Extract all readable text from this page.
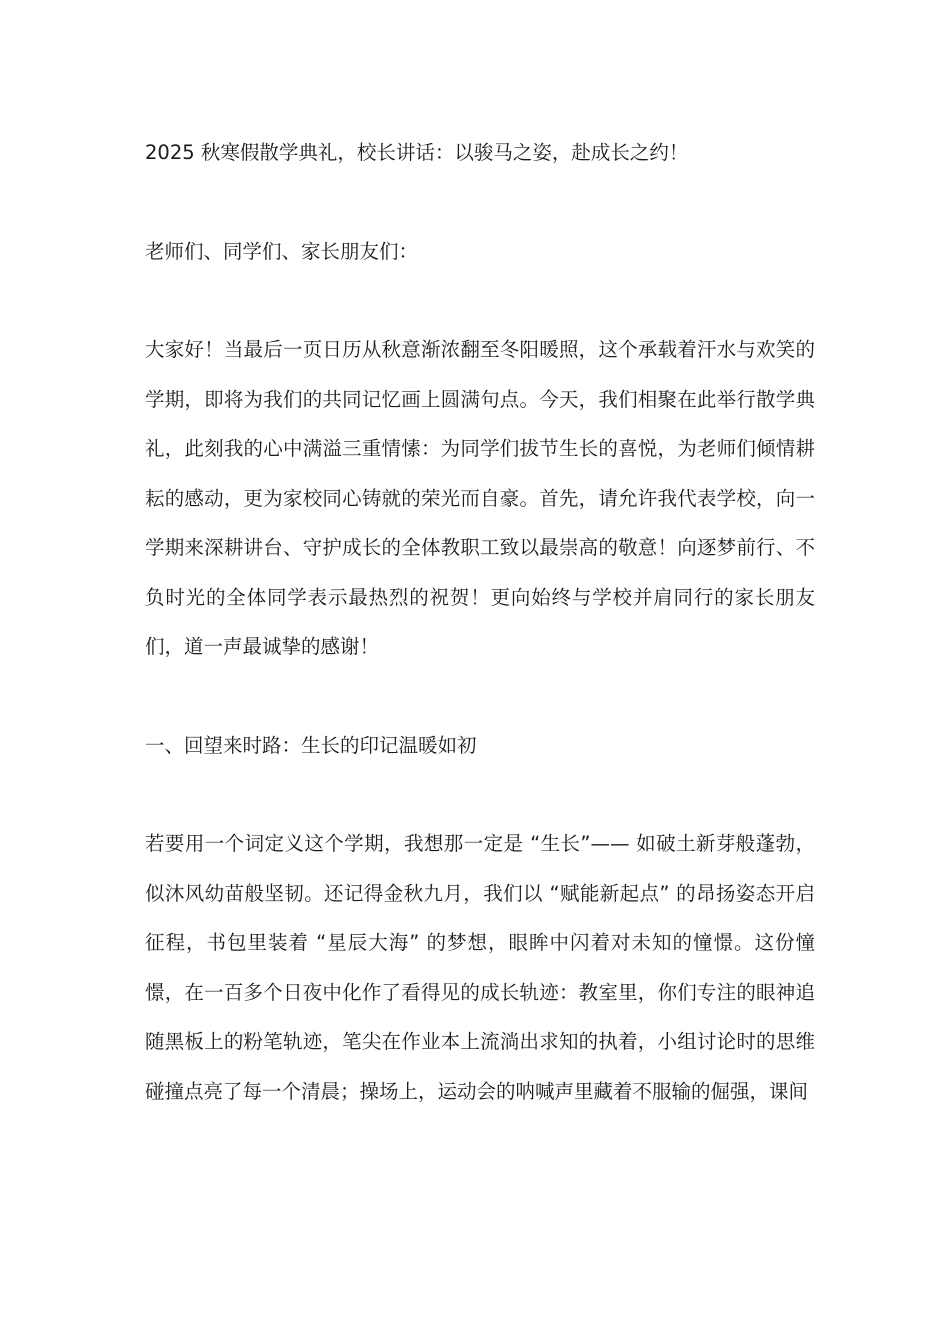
2025 秋寒假散学典礼，校长讲话：以骏马之姿，赴成长之约！

老师们、同学们、家长朋友们：

大家好！当最后一页日历从秋意渐浓翻至冬阳暖照，这个承载着汗水与欢笑的学期，即将为我们的共同记忆画上圆满句点。今天，我们相聚在此举行散学典礼，此刻我的心中满溢三重情愫：为同学们拔节生长的喜悦，为老师们倾情耕耘的感动，更为家校同心铸就的荣光而自豪。首先，请允许我代表学校，向一学期来深耕讲台、守护成长的全体教职工致以最崇高的敬意！向逐梦前行、不负时光的全体同学表示最热烈的祝贺！更向始终与学校并肩同行的家长朋友们，道一声最诚挚的感谢！

一、回望来时路：生长的印记温暖如初

若要用一个词定义这个学期，我想那一定是 “生长”—— 如破土新芽般蓬勃，似沐风幼苗般坚韧。还记得金秋九月，我们以 “赋能新起点” 的昂扬姿态开启征程，书包里装着 “星辰大海” 的梦想，眼眸中闪着对未知的憧憬。这份憧憬，在一百多个日夜中化作了看得见的成长轨迹：教室里，你们专注的眼神追随黑板上的粉笔轨迹，笔尖在作业本上流淌出求知的执着，小组讨论时的思维碰撞点亮了每一个清晨；操场上，运动会的呐喊声里藏着不服输的倔强，课间
